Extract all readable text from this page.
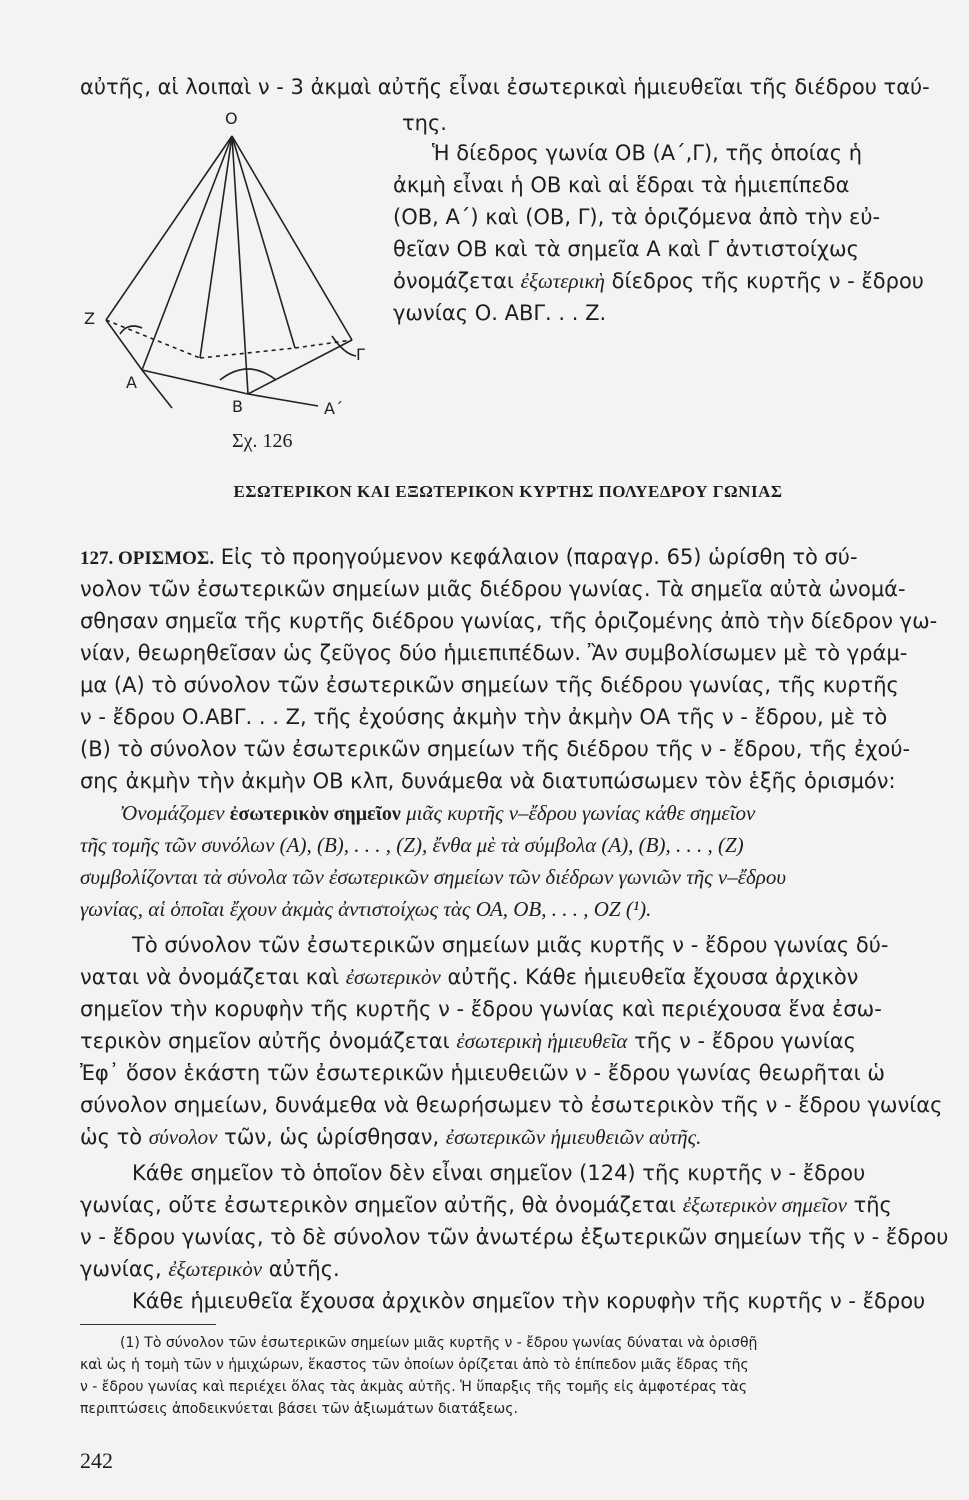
αὐτῆς, αἱ λοιπαὶ ν - 3 ἀκμαὶ αὐτῆς εἶναι ἐσωτερικαὶ ἡμιευθεῖαι τῆς διέδρου ταύ-
της.
Ἡ δίεδρος γωνία ΟΒ (Α΄,Γ), τῆς ὁποίας ἡ
ἀκμὴ εἶναι ἡ ΟΒ καὶ αἱ ἕδραι τὰ ἡμιεπίπεδα
(ΟΒ, Α΄) καὶ (ΟΒ, Γ), τὰ ὁριζόμενα ἀπὸ τὴν εὐ-
θεῖαν ΟΒ καὶ τὰ σημεῖα Α καὶ Γ ἀντιστοίχως
ὀνομάζεται ἐξωτερικὴ δίεδρος τῆς κυρτῆς ν - ἔδρου
γωνίας Ο. ΑΒΓ. . . Ζ.
Ο
Ζ
Α
Β
Γ
Α΄
Σχ. 126
ΕΣΩΤΕΡΙΚΟΝ ΚΑΙ ΕΞΩΤΕΡΙΚΟΝ ΚΥΡΤΗΣ ΠΟΛΥΕΔΡΟΥ ΓΩΝΙΑΣ
127. ΟΡΙΣΜΟΣ. Εἰς τὸ προηγούμενον κεφάλαιον (παραγρ. 65) ὡρίσθη τὸ σύ-
νολον τῶν ἐσωτερικῶν σημείων μιᾶς διέδρου γωνίας. Τὰ σημεῖα αὐτὰ ὠνομά-
σθησαν σημεῖα τῆς κυρτῆς διέδρου γωνίας, τῆς ὁριζομένης ἀπὸ τὴν δίεδρον γω-
νίαν, θεωρηθεῖσαν ὡς ζεῦγος δύο ἡμιεπιπέδων. Ἂν συμβολίσωμεν μὲ τὸ γράμ-
μα (Α) τὸ σύνολον τῶν ἐσωτερικῶν σημείων τῆς διέδρου γωνίας, τῆς κυρτῆς
ν - ἔδρου Ο.ΑΒΓ. . . Ζ, τῆς ἐχούσης ἀκμὴν τὴν ἀκμὴν ΟΑ τῆς ν - ἔδρου, μὲ τὸ
(Β) τὸ σύνολον τῶν ἐσωτερικῶν σημείων τῆς διέδρου τῆς ν - ἔδρου, τῆς ἐχού-
σης ἀκμὴν τὴν ἀκμὴν ΟΒ κλπ, δυνάμεθα νὰ διατυπώσωμεν τὸν ἑξῆς ὁρισμόν:
Ὀνομάζομεν ἐσωτερικὸν σημεῖον μιᾶς κυρτῆς ν–ἔδρου γωνίας κάθε σημεῖον
τῆς τομῆς τῶν συνόλων (Α), (Β), . . . , (Ζ), ἔνθα μὲ τὰ σύμβολα (Α), (Β), . . . , (Ζ)
συμβολίζονται τὰ σύνολα τῶν ἐσωτερικῶν σημείων τῶν διέδρων γωνιῶν τῆς ν–ἔδρου
γωνίας, αἱ ὁποῖαι ἔχουν ἀκμὰς ἀντιστοίχως τὰς ΟΑ, ΟΒ, . . . , ΟΖ (¹).
Τὸ σύνολον τῶν ἐσωτερικῶν σημείων μιᾶς κυρτῆς ν - ἔδρου γωνίας δύ-
ναται νὰ ὀνομάζεται καὶ ἐσωτερικὸν αὐτῆς. Κάθε ἡμιευθεῖα ἔχουσα ἀρχικὸν
σημεῖον τὴν κορυφὴν τῆς κυρτῆς ν - ἔδρου γωνίας καὶ περιέχουσα ἕνα ἐσω-
τερικὸν σημεῖον αὐτῆς ὀνομάζεται ἐσωτερικὴ ἡμιευθεῖα τῆς ν - ἔδρου γωνίας
Ἐφ᾽ ὅσον ἑκάστη τῶν ἐσωτερικῶν ἡμιευθειῶν ν - ἔδρου γωνίας θεωρῆται ὡ
σύνολον σημείων, δυνάμεθα νὰ θεωρήσωμεν τὸ ἐσωτερικὸν τῆς ν - ἔδρου γωνίας
ὡς τὸ σύνολον τῶν, ὡς ὡρίσθησαν, ἐσωτερικῶν ἡμιευθειῶν αὐτῆς.
Κάθε σημεῖον τὸ ὁποῖον δὲν εἶναι σημεῖον (124) τῆς κυρτῆς ν - ἔδρου
γωνίας, οὔτε ἐσωτερικὸν σημεῖον αὐτῆς, θὰ ὀνομάζεται ἐξωτερικὸν σημεῖον τῆς
ν - ἔδρου γωνίας, τὸ δὲ σύνολον τῶν ἀνωτέρω ἐξωτερικῶν σημείων τῆς ν - ἔδρου
γωνίας, ἐξωτερικὸν αὐτῆς.
Κάθε ἡμιευθεῖα ἔχουσα ἀρχικὸν σημεῖον τὴν κορυφὴν τῆς κυρτῆς ν - ἔδρου
(1) Τὸ σύνολον τῶν ἐσωτερικῶν σημείων μιᾶς κυρτῆς ν - ἔδρου γωνίας δύναται νὰ ὁρισθῇ
καὶ ὡς ἡ τομὴ τῶν ν ἡμιχώρων, ἕκαστος τῶν ὁποίων ὁρίζεται ἀπὸ τὸ ἐπίπεδον μιᾶς ἕδρας τῆς
ν - ἔδρου γωνίας καὶ περιέχει ὅλας τὰς ἀκμὰς αὐτῆς. Ἡ ὕπαρξις τῆς τομῆς εἰς ἀμφοτέρας τὰς
περιπτώσεις ἀποδεικνύεται βάσει τῶν ἀξιωμάτων διατάξεως.
242
